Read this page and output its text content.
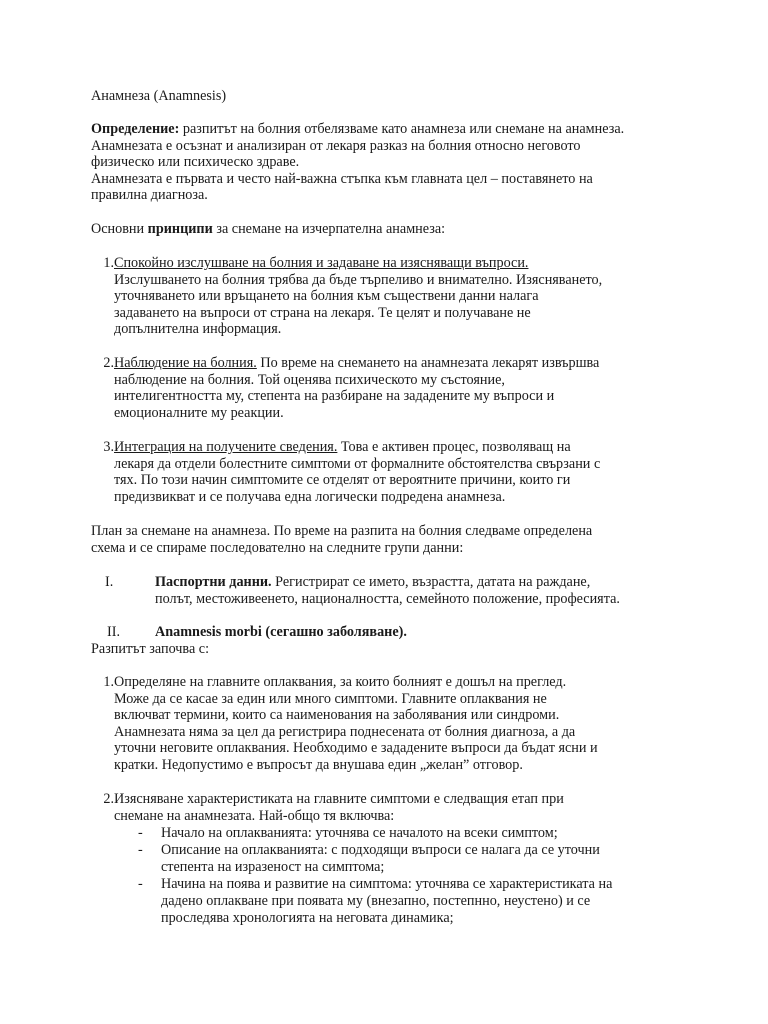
Анамнеза (Anamnesis)

Определение: разпитът на болния отбелязваме като анамнеза или снемане на анамнеза.

Анамнезата е осъзнат и анализиран от лекаря разказ на болния относно неговото

физическо или психическо здраве.

Анамнезата е първата и често най-важна стъпка към главната цел – поставянето на

правилна диагноза.

Основни принципи за снемане на изчерпателна анамнеза:

1. Спокойно изслушване на болния и задаване на изясняващи въпроси.

Изслушването на болния трябва да бъде търпеливо и внимателно. Изясняването,

уточняването или връщането на болния към съществени данни налага

задаването на въпроси от страна на лекаря. Те целят и получаване не

допълнителна информация.

2. Наблюдение на болния. По време на снемането на анамнезата лекарят извършва

наблюдение на болния. Той оценява психическото му състояние,

интелигентността му, степента на разбиране на зададените му въпроси и

емоционалните му реакции.

3. Интеграция на получените сведения. Това е активен процес, позволяващ на

лекаря да отдели болестните симптоми от формалните обстоятелства свързани с

тях. По този начин симптомите се отделят от вероятните причини, които ги

предизвикват и се получава една логически подредена анамнеза.

План за снемане на анамнеза. По време на разпита на болния следваме определена

схема и се спираме последователно на следните групи данни:

I.	Паспортни данни. Регистрират се името, възрастта, датата на раждане,

полът, местоживеенето, националността, семейното положение, професията.

II. Anamnesis morbi (сегашно заболяване).

Разпитът започва с:

1. Определяне на главните оплаквания, за които болният е дошъл на преглед.

Може да се касае за един или много симптоми. Главните оплаквания не

включват термини, които са наименования на заболявания или синдроми.

Анамнезата няма за цел да регистрира поднесената от болния диагноза, а да

уточни неговите оплаквания. Необходимо е зададените въпроси да бъдат ясни и

кратки. Недопустимо е въпросът да внушава един „желан” отговор.

2. Изясняване характеристиката на главните симптоми е следващия етап при

снемане на анамнезата. Най-общо тя включва:

- Начало на оплакванията: уточнява се началото на всеки симптом;

- Описание на оплакванията: с подходящи въпроси се налага да се уточни

степента на изразеност на симптома;

- Начина на поява и развитие на симптома: уточнява се характеристиката на

дадено оплакване при появата му (внезапно, постепнно, неустено) и се

проследява хронологията на неговата динамика;
